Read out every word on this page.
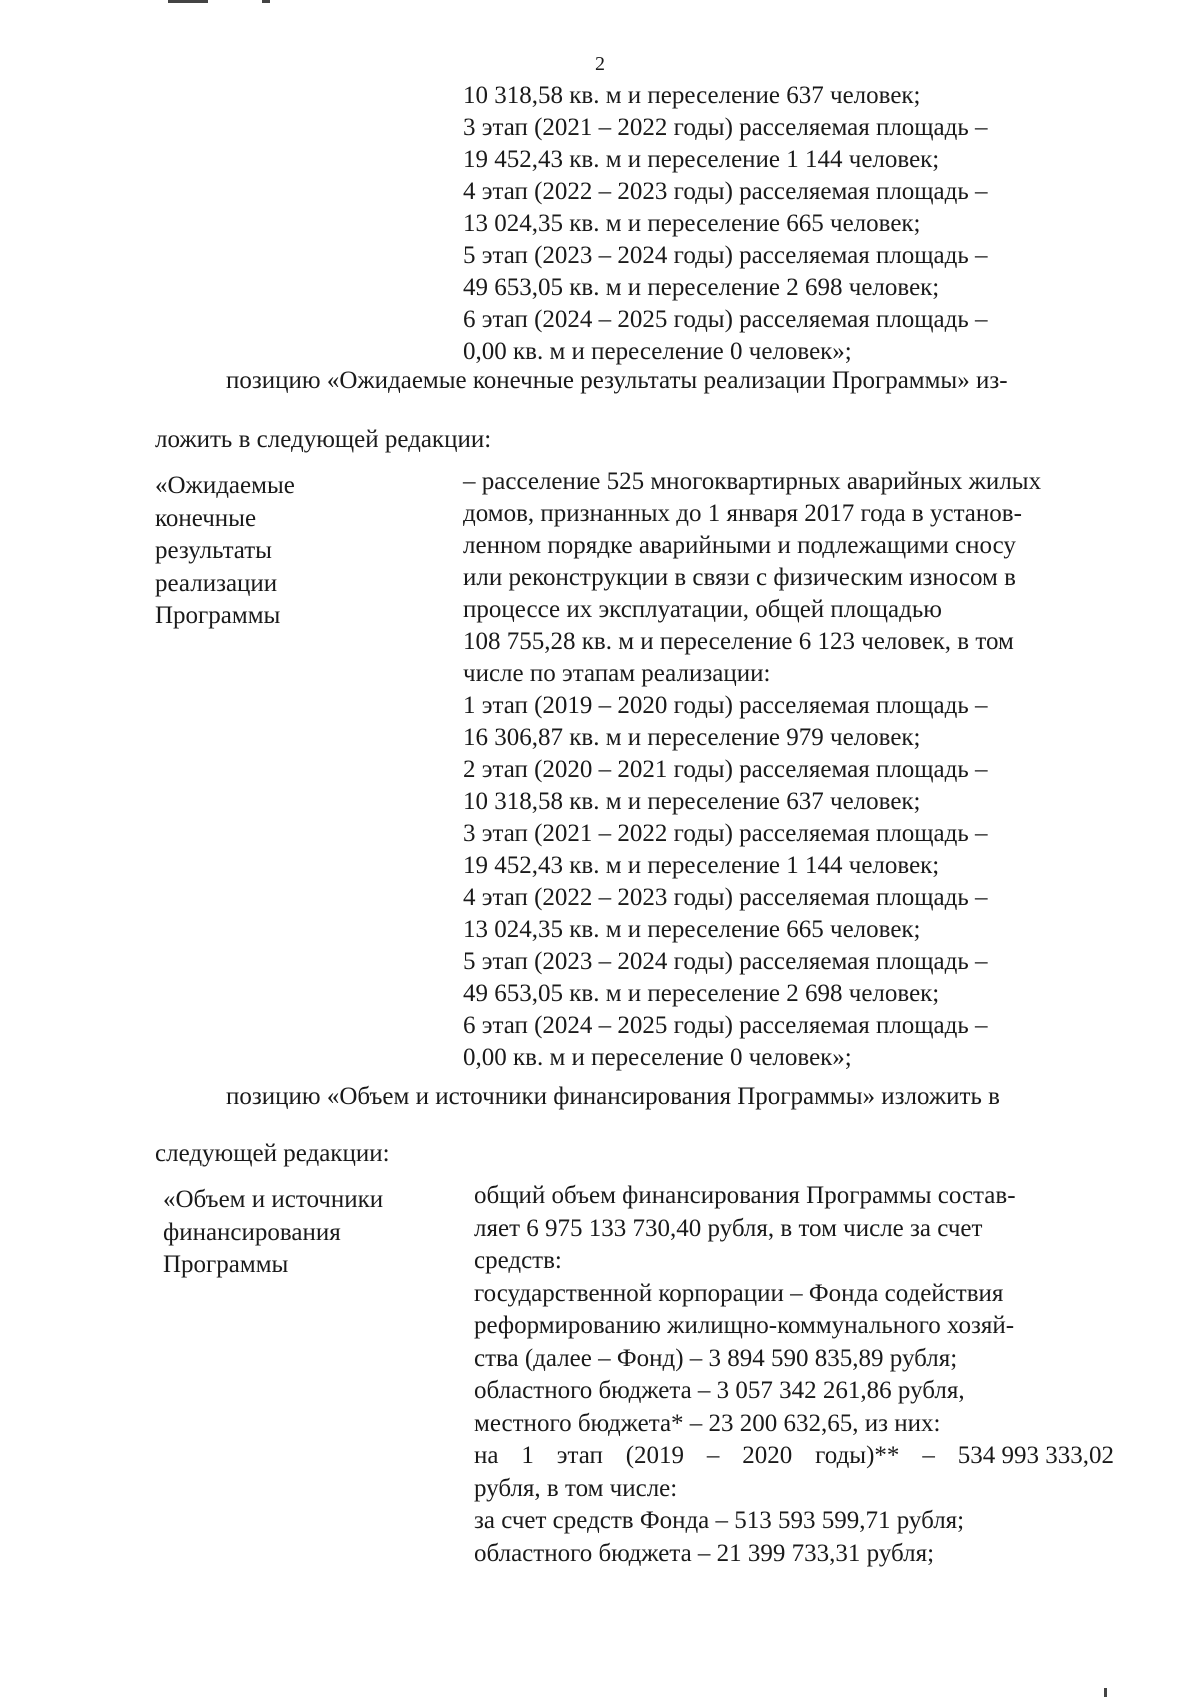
2
10 318,58 кв. м и переселение 637 человек;
3 этап (2021 – 2022 годы) расселяемая площадь –
19 452,43 кв. м и переселение 1 144 человек;
4 этап (2022 – 2023 годы) расселяемая площадь –
13 024,35 кв. м и переселение 665 человек;
5 этап (2023 – 2024 годы) расселяемая площадь –
49 653,05 кв. м и переселение 2 698 человек;
6 этап (2024 – 2025 годы) расселяемая площадь –
0,00 кв. м и переселение 0 человек»;
позицию «Ожидаемые конечные результаты реализации Программы» из-
ложить в следующей редакции:
«Ожидаемые
конечные
результаты
реализации
Программы
– расселение 525 многоквартирных аварийных жилых
домов, признанных до 1 января 2017 года в установ-
ленном порядке аварийными и подлежащими сносу
или реконструкции в связи с физическим износом в
процессе их эксплуатации, общей площадью
108 755,28 кв. м и переселение 6 123 человек, в том
числе по этапам реализации:
1 этап (2019 – 2020 годы) расселяемая площадь –
16 306,87 кв. м и переселение 979 человек;
2 этап (2020 – 2021 годы) расселяемая площадь –
10 318,58 кв. м и переселение 637 человек;
3 этап (2021 – 2022 годы) расселяемая площадь –
19 452,43 кв. м и переселение 1 144 человек;
4 этап (2022 – 2023 годы) расселяемая площадь –
13 024,35 кв. м и переселение 665 человек;
5 этап (2023 – 2024 годы) расселяемая площадь –
49 653,05 кв. м и переселение 2 698 человек;
6 этап (2024 – 2025 годы) расселяемая площадь –
0,00 кв. м и переселение 0 человек»;
позицию «Объем и источники финансирования Программы» изложить в
следующей редакции:
«Объем и источники
финансирования
Программы
общий объем финансирования Программы состав-
ляет 6 975 133 730,40 рубля, в том числе за счет
средств:
государственной корпорации – Фонда содействия
реформированию жилищно-коммунального хозяй-
ства (далее – Фонд) – 3 894 590 835,89 рубля;
областного бюджета – 3 057 342 261,86 рубля,
местного бюджета* – 23 200 632,65, из них:
на 1 этап (2019 – 2020 годы)** – 534 993 333,02
рубля, в том числе:
за счет средств Фонда – 513 593 599,71 рубля;
областного бюджета – 21 399 733,31 рубля;
